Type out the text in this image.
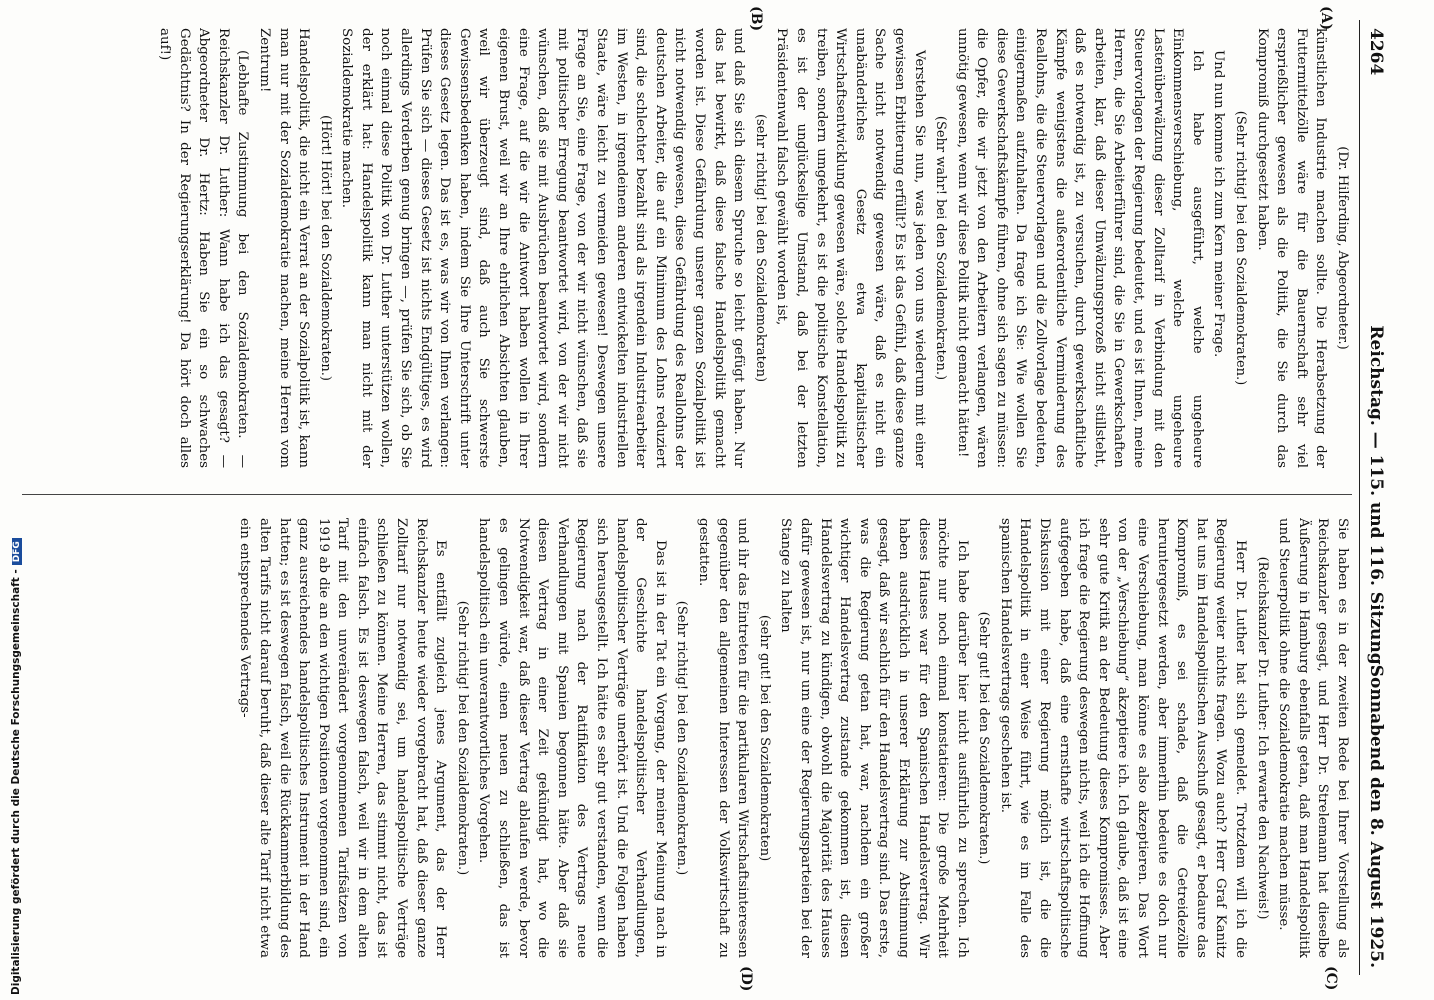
4264
Reichstag. — 115. und 116. Sitzung.
Sonnabend den 8. August 1925.
(A)
(B)
(C)
(D)

(Dr. Hilferding, Abgeordneter.)

künstlichen Industrie machen sollte. Die Herabsetzung der Futtermittelzölle wäre für die Bauernschaft sehr viel ersprießlicher gewesen als die Politik, die Sie durch das Kompromiß durchgesetzt haben.

(Sehr richtig! bei den Sozialdemokraten.)

Und nun komme ich zum Kern meiner Frage.

Ich habe ausgeführt, welche ungeheure Einkommensverschiebung, welche ungeheure Lastenüberwälzung dieser Zolltarif in Verbindung mit den Steuervorlagen der Regierung bedeutet, und es ist Ihnen, meine Herren, die Sie Arbeiterführer sind, die Sie in Gewerkschaften arbeiten, klar, daß dieser Umwälzungsprozeß nicht stillsteht, daß es notwendig ist, zu versuchen, durch gewerkschaftliche Kämpfe wenigstens die außerordentliche Verminderung des Reallohns, die die Steuervorlagen und die Zollvorlage bedeuten, einigermaßen aufzuhalten. Da frage ich Sie: Wie wollen Sie diese Gewerkschaftskämpfe führen, ohne sich sagen zu müssen: die Opfer, die wir jetzt von den Arbeitern verlangen, wären unnötig gewesen, wenn wir diese Politik nicht gemacht hätten!

(Sehr wahr! bei den Sozialdemokraten.)

Verstehen Sie nun, was jeden von uns wiederum mit einer gewissen Erbitterung erfüllt? Es ist das Gefühl, daß diese ganze Sache nicht notwendig gewesen wäre, daß es nicht ein unabänderliches Gesetz etwa kapitalistischer Wirtschaftsentwicklung gewesen wäre, solche Handelspolitik zu treiben, sondern umgekehrt, es ist die politische Konstellation, es ist der unglückselige Umstand, daß bei der letzten Präsidentenwahl falsch gewählt worden ist,

(sehr richtig! bei den Sozialdemokraten)

und daß Sie sich diesem Spruche so leicht gefügt haben. Nur das hat bewirkt, daß diese falsche Handelspolitik gemacht worden ist. Diese Gefährdung unserer ganzen Sozialpolitik ist nicht notwendig gewesen, diese Gefährdung des Reallohns der deutschen Arbeiter, die auf ein Minimum des Lohns reduziert sind, die schlechter bezahlt sind als irgendein Industriearbeiter im Westen, in irgendeinem anderen entwickelten industriellen Staate, wäre leicht zu vermeiden gewesen! Deswegen unsere Frage an Sie, eine Frage, von der wir nicht wünschen, daß sie mit politischer Erregung beantwortet wird, von der wir nicht wünschen, daß sie mit Ausbrüchen beantwortet wird, sondern eine Frage, auf die wir die Antwort haben wollen in Ihrer eigenen Brust, weil wir an Ihre ehrlichen Absichten glauben, weil wir überzeugt sind, daß auch Sie schwerste Gewissensbedenken haben, indem Sie Ihre Unterschrift unter dieses Gesetz legen. Das ist es, was wir von Ihnen verlangen: Prüfen Sie sich — dieses Gesetz ist nichts Endgültiges, es wird allerdings Verderben genug bringen —, prüfen Sie sich, ob Sie noch einmal diese Politik von Dr. Luther unterstützen wollen, der erklärt hat: Handelspolitik kann man nicht mit der Sozialdemokratie machen.

(Hört! Hört! bei den Sozialdemokraten.)

Handelspolitik, die nicht ein Verrat an der Sozialpolitik ist, kann man nur mit der Sozialdemokratie machen, meine Herren vom Zentrum!

(Lebhafte Zustimmung bei den Sozialdemokraten. — Reichskanzler Dr. Luther: Wann habe ich das gesagt? — Abgeordneter Dr. Hertz: Haben Sie ein so schwaches Gedächtnis? In der Regierungserklärung! Da hört doch alles auf!)

Sie haben es in der zweiten Rede bei Ihrer Vorstellung als Reichskanzler gesagt, und Herr Dr. Strelemann hat dieselbe Äußerung in Hamburg ebenfalls getan, daß man Handelspolitik und Steuerpolitik ohne die Sozialdemokratie machen müsse.

(Reichskanzler Dr. Luther: Ich erwarte den Nachweis!)

Herr Dr. Luther hat sich gemeldet. Trotzdem will ich die Regierung weiter nichts fragen. Wozu auch? Herr Graf Kanitz hat uns im Handelspolitischen Ausschuß gesagt, er bedaure das Kompromiß, es sei schade, daß die Getreidezölle heruntergesetzt werden, aber immerhin bedeute es doch nur eine Verschiebung, man könne es also akzeptieren. Das Wort von der „Verschiebung“ akzeptiere ich. Ich glaube, daß ist eine sehr gute Kritik an der Bedeutung dieses Kompromisses. Aber ich frage die Regierung deswegen nichts, weil ich die Hoffnung aufgegeben habe, daß eine ernsthafte wirtschaftspolitische Diskussion mit einer Regierung möglich ist, die die Handelspolitik in einer Weise führt, wie es im Falle des spanischen Handelsvertrags geschehen ist.

(Sehr gut! bei den Sozialdemokraten.)

Ich habe darüber hier nicht ausführlich zu sprechen. Ich möchte nur noch einmal konstatieren: Die große Mehrheit dieses Hauses war für den Spanischen Handelsvertrag. Wir haben ausdrücklich in unserer Erklärung zur Abstimmung gesagt, daß wir sachlich für den Handelsvertrag sind. Das erste, was die Regierung getan hat, war, nachdem ein großer wichtiger Handelsvertrag zustande gekommen ist, diesen Handelsvertrag zu kündigen, obwohl die Majorität des Hauses dafür gewesen ist, nur um eine der Regierungsparteien bei der Stange zu halten

(sehr gut! bei den Sozialdemokraten)

und ihr das Eintreten für die partikularen Wirtschaftsinteressen gegenüber den allgemeinen Interessen der Volkswirtschaft zu gestatten.

(Sehr richtig! bei den Sozialdemokraten.)

Das ist in der Tat ein Vorgang, der meiner Meinung nach in der Geschichte handelspolitischer Verhandlungen, handelspolitischer Verträge unerhört ist. Und die Folgen haben sich herausgestellt. Ich hätte es sehr gut verstanden, wenn die Regierung nach der Ratifikation des Vertrags neue Verhandlungen mit Spanien begonnen hätte. Aber daß sie diesen Vertrag in einer Zeit gekündigt hat, wo die Notwendigkeit war, daß dieser Vertrag ablaufen werde, bevor es gelingen würde, einen neuen zu schließen, das ist handelspolitisch ein unverantwortliches Vorgehen.

(Sehr richtig! bei den Sozialdemokraten.)

Es entfällt zugleich jenes Argument, das der Herr Reichskanzler heute wieder vorgebracht hat, daß dieser ganze Zolltarif nur notwendig sei, um handelspolitische Verträge schließen zu können. Meine Herren, das stimmt nicht, das ist einfach falsch. Es ist deswegen falsch, weil wir in dem alten Tarif mit den unverändert vorgenommenen Tarifsätzen von 1919 ab die an den wichtigen Positionen vorgenommen sind, ein ganz ausreichendes handelspolitisches Instrument in der Hand hatten; es ist deswegen falsch, weil die Rückkammerbildung des alten Tarifs nicht darauf beruht, daß dieser alte Tarif nicht etwa ein entsprechendes Vertrags-

Digitalisierung gefördert durch die Deutsche Forschungsgemeinschaft -DFG
